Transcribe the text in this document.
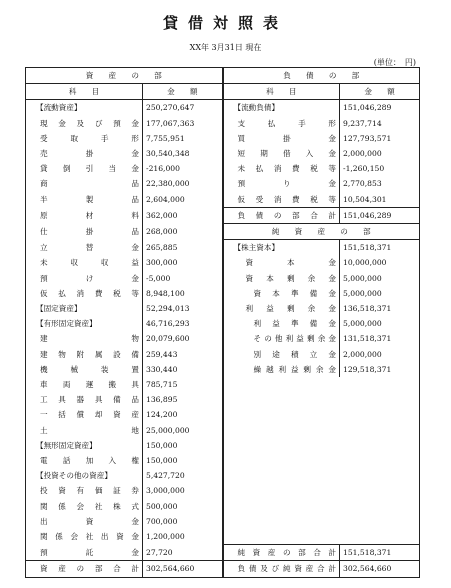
貸借対照表
XX年 3月31日 現在
(単位：　円)
資　　産　　の　　部		負　　債　　の　　部	
科　　目	金　　額	科　　目	金　　額
【流動資産】	250,270,647	【流動負債】	151,046,289
現金及び預金	177,067,363	支払手形	9,237,714
受取手形	7,755,951	買掛金	127,793,571
売掛金	30,540,348	短期借入金	2,000,000
貸倒引当金	-216,000	未払消費税等	-1,260,150
商品	22,380,000	預り金	2,770,853
半製品	2,604,000	仮受消費税等	10,504,301
原材料	362,000	負債の部合計	151,046,289
仕掛品	268,000	純　　資　　産　　の　　部	
立替金	265,885	【株主資本】	151,518,371
未収収益	300,000	資本金	10,000,000
預け金	-5,000	資本剰余金	5,000,000
仮払消費税等	8,948,100	資本準備金	5,000,000
【固定資産】	52,294,013	利益剰余金	136,518,371
【有形固定資産】	46,716,293	利益準備金	5,000,000
建物	20,079,600	その他利益剰余金	131,518,371
建物附属設備	259,443	別途積立金	2,000,000
機械装置	330,440	繰越利益剰余金	129,518,371
車両運搬具	785,715		
工具器具備品	136,895		
一括償却資産	124,200		
土地	25,000,000		
【無形固定資産】	150,000		
電話加入権	150,000		
【投資その他の資産】	5,427,720		
投資有価証券	3,000,000		
関係会社株式	500,000		
出資金	700,000		
関係会社出資金	1,200,000		
預託金	27,720	純資産の部合計	151,518,371
資産の部合計	302,564,660	負債及び純資産合計	302,564,660
